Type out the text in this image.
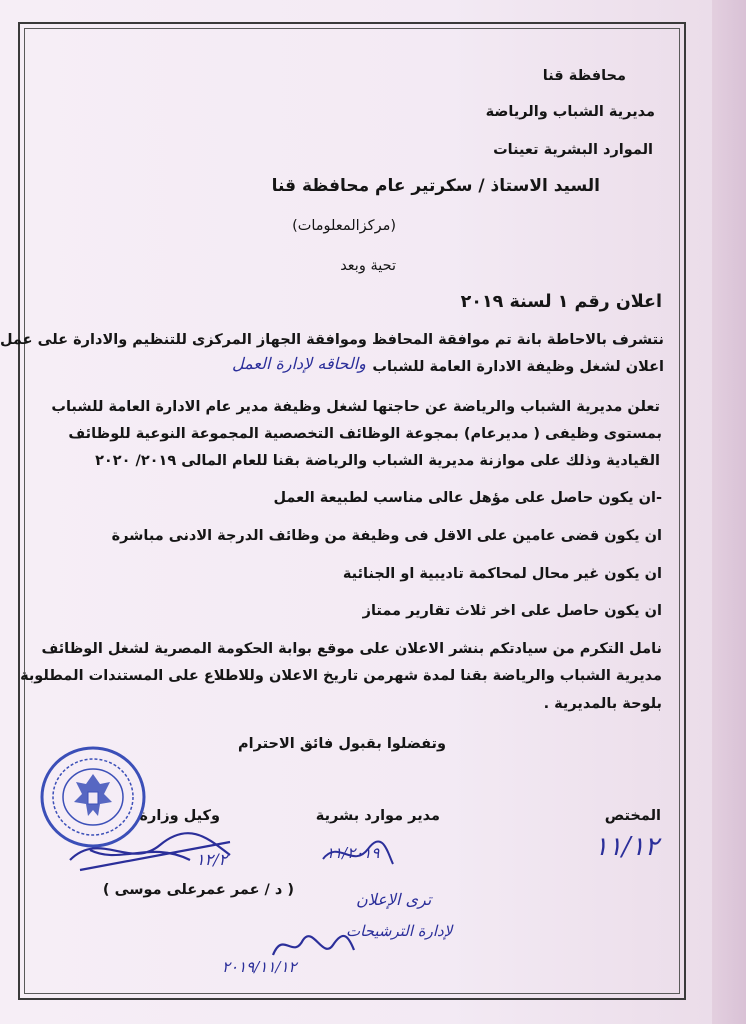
محافظة قنا
مديرية الشباب والرياضة
الموارد البشرية تعينات
السيد الاستاذ / سكرتير عام محافظة قنا
(مركزالمعلومات)
تحية وبعد
اعلان رقم ١ لسنة ٢٠١٩
نتشرف بالاحاطة بانة تم موافقة المحافظ وموافقة الجهاز المركزى للتنظيم والادارة على عمل
اعلان لشغل وظيفة الادارة العامة للشباب
والحاقه لإدارة العمل
تعلن مديرية الشباب والرياضة عن حاجتها لشغل وظيفة مدير عام الادارة العامة للشباب
بمستوى وظيفى ( مديرعام) بمجوعة الوظائف التخصصية المجموعة النوعية للوظائف
القيادية وذلك على موازنة مديرية الشباب والرياضة بقنا للعام المالى ٢٠١٩/ ٢٠٢٠
-ان يكون حاصل على مؤهل عالى مناسب لطبيعة العمل
ان يكون قضى عامين على الاقل فى وظيفة من وظائف الدرجة الادنى مباشرة
ان يكون غير محال لمحاكمة تاديبية او الجنائية
ان يكون حاصل على اخر ثلاث تقارير ممتاز
نامل التكرم من سيادتكم بنشر الاعلان على موقع بوابة الحكومة المصرية لشغل الوظائف
مديرية الشباب والرياضة بقنا لمدة شهرمن تاريخ الاعلان وللاطلاع على المستندات المطلوبة
بلوحة بالمديرية .
وتفضلوا بقبول فائق الاحترام
المختص
مدير موارد بشرية
وكيل وزارة
( د / عمر عمرعلى موسى )
١١/١٢
١١/٢٠١٩
١٢/٢
ترى الإعلان
لإدارة الترشيحات
٢٠١٩/١١/١٢
